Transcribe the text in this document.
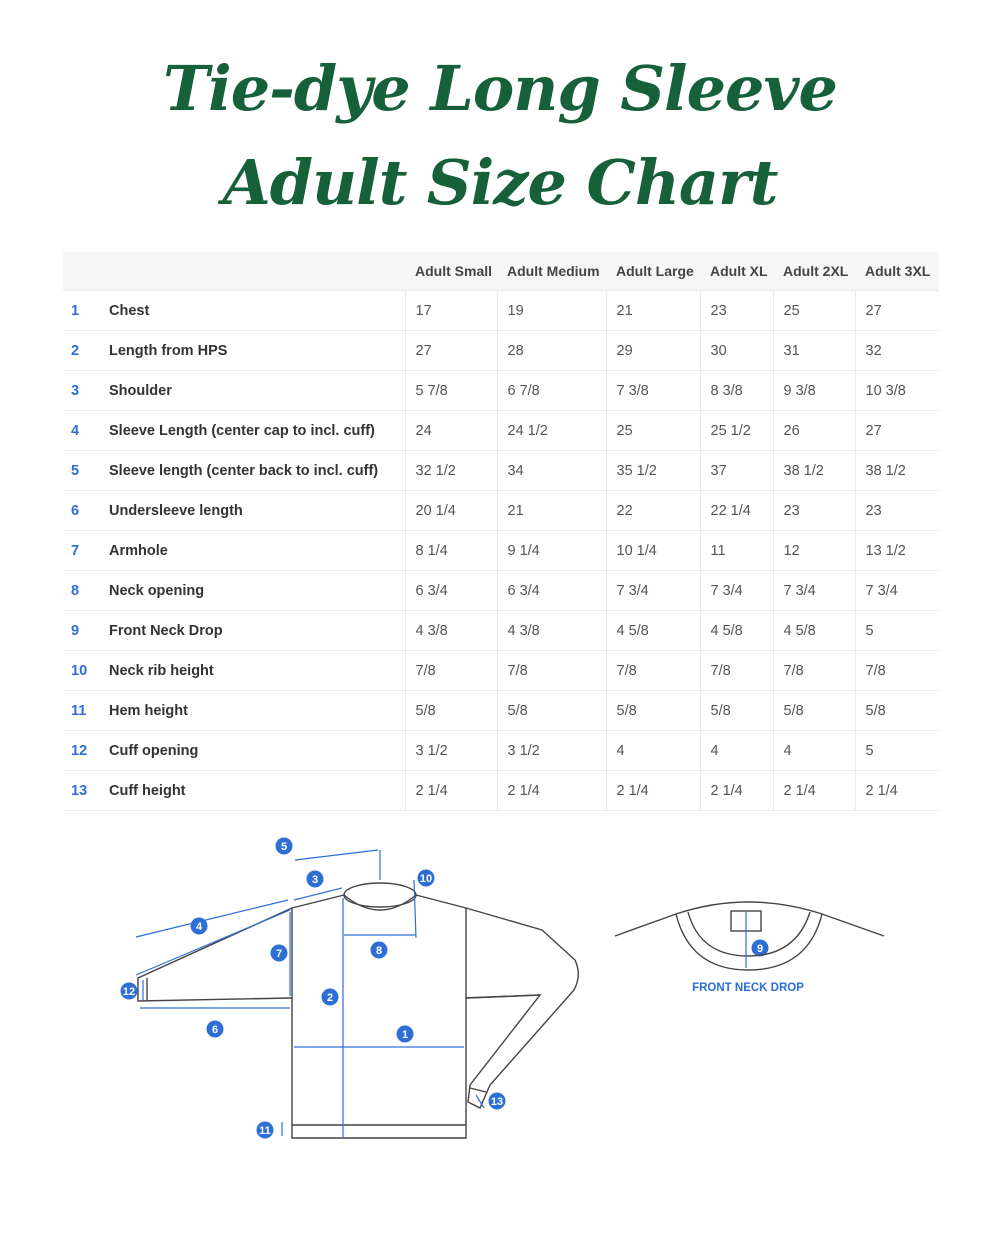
Tie-dye Long Sleeve
Adult Size Chart
		Adult Small	Adult Medium	Adult Large	Adult XL	Adult 2XL	Adult 3XL
1	Chest	17	19	21	23	25	27
2	Length from HPS	27	28	29	30	31	32
3	Shoulder	5 7/8	6 7/8	7 3/8	8 3/8	9 3/8	10 3/8
4	Sleeve Length (center cap to incl. cuff)	24	24 1/2	25	25 1/2	26	27
5	Sleeve length (center back to incl. cuff)	32 1/2	34	35 1/2	37	38 1/2	38 1/2
6	Undersleeve length	20 1/4	21	22	22 1/4	23	23
7	Armhole	8 1/4	9 1/4	10 1/4	11	12	13 1/2
8	Neck opening	6 3/4	6 3/4	7 3/4	7 3/4	7 3/4	7 3/4
9	Front Neck Drop	4 3/8	4 3/8	4 5/8	4 5/8	4 5/8	5
10	Neck rib height	7/8	7/8	7/8	7/8	7/8	7/8
11	Hem height	5/8	5/8	5/8	5/8	5/8	5/8
12	Cuff opening	3 1/2	3 1/2	4	4	4	5
13	Cuff height	2 1/4	2 1/4	2 1/4	2 1/4	2 1/4	2 1/4
1
2
3
4
5
6
7	8	9
10
11
12
13
FRONT NECK DROP
